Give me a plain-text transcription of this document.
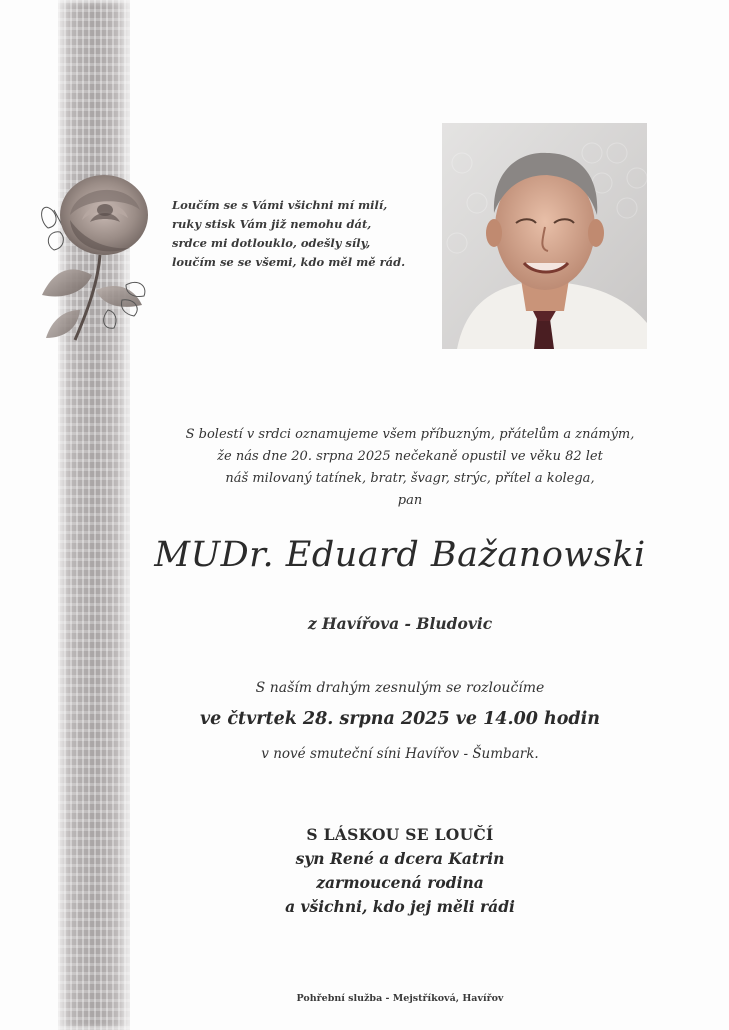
Loučím se s Vámi všichni mí milí,
ruky stisk Vám již nemohu dát,
srdce mi dotlouklo, odešly síly,
loučím se se všemi, kdo měl mě rád.
S bolestí v srdci oznamujeme všem příbuzným, přátelům a známým,
že nás dne 20. srpna 2025 nečekaně opustil ve věku 82 let
náš milovaný tatínek, bratr, švagr, strýc, přítel a kolega,
pan
MUDr. Eduard Bažanowski
z Havířova - Bludovic
S naším drahým zesnulým se rozloučíme
ve čtvrtek 28. srpna 2025 ve 14.00 hodin
v nové smuteční síni Havířov - Šumbark.
S LÁSKOU SE LOUČÍ
syn René a dcera Katrin
zarmoucená rodina
a všichni, kdo jej měli rádi
Pohřební služba - Mejstříková, Havířov
